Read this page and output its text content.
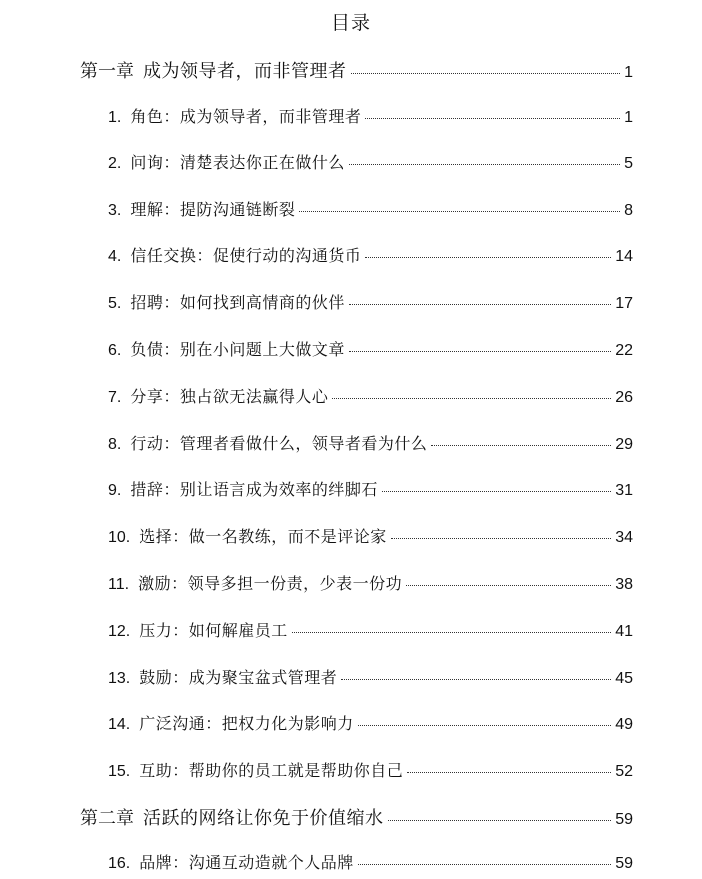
目录
第一章 成为领导者，而非管理者	1
1. 角色：成为领导者，而非管理者	1
2. 问询：清楚表达你正在做什么	5
3. 理解：提防沟通链断裂	8
4. 信任交换：促使行动的沟通货币	14
5. 招聘：如何找到高情商的伙伴	17
6. 负债：别在小问题上大做文章	22
7. 分享：独占欲无法赢得人心	26
8. 行动：管理者看做什么，领导者看为什么	29
9. 措辞：别让语言成为效率的绊脚石	31
10. 选择：做一名教练，而不是评论家	34
11. 激励：领导多担一份责，少表一份功	38
12. 压力：如何解雇员工	41
13. 鼓励：成为聚宝盆式管理者	45
14. 广泛沟通：把权力化为影响力	49
15. 互助：帮助你的员工就是帮助你自己	52
第二章 活跃的网络让你免于价值缩水	59
16. 品牌：沟通互动造就个人品牌	59
